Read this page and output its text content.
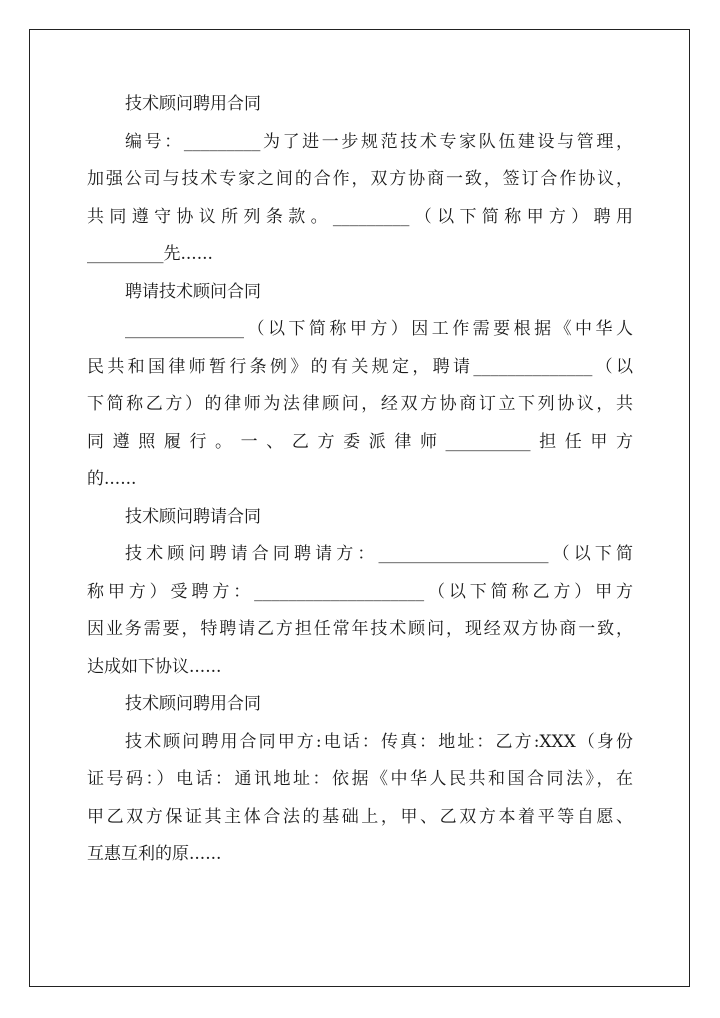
技术顾问聘用合同
编号：_________为了进一步规范技术专家队伍建设与管理，
加强公司与技术专家之间的合作，双方协商一致，签订合作协议，
共同遵守协议所列条款。_________（以下简称甲方）聘用
_________先......
聘请技术顾问合同
______________（以下简称甲方）因工作需要根据《中华人
民共和国律师暂行条例》的有关规定，聘请______________（以
下简称乙方）的律师为法律顾问，经双方协商订立下列协议，共
同遵照履行。一、乙方委派律师__________担任甲方
的......
技术顾问聘请合同
技术顾问聘请合同聘请方：____________________（以下简
称甲方）受聘方：____________________（以下简称乙方）甲方
因业务需要，特聘请乙方担任常年技术顾问，现经双方协商一致，
达成如下协议......
技术顾问聘用合同
技术顾问聘用合同甲方:电话：传真：地址：乙方:XXX（身份
证号码：）电话：通讯地址：依据《中华人民共和国合同法》，在
甲乙双方保证其主体合法的基础上，甲、乙双方本着平等自愿、
互惠互利的原......
